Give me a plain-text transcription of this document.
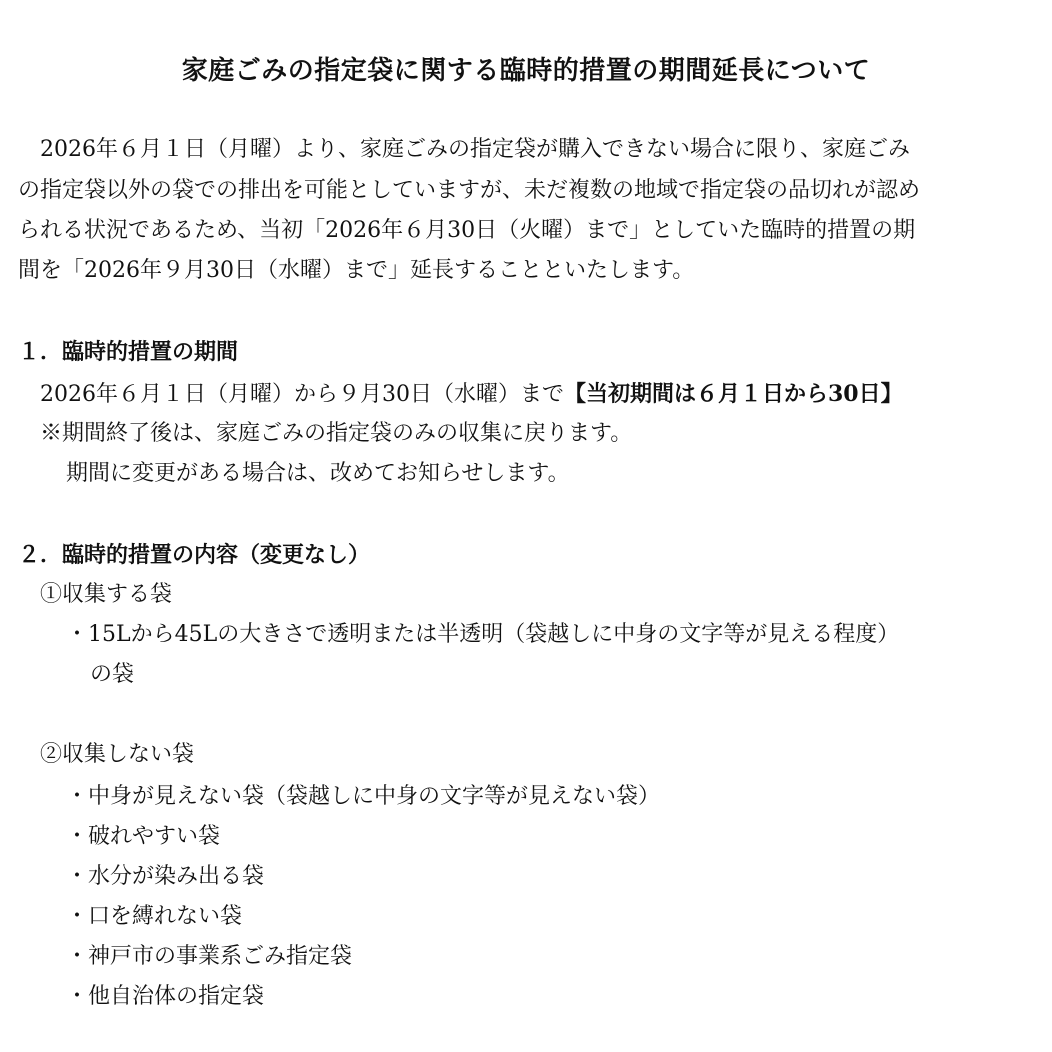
家庭ごみの指定袋に関する臨時的措置の期間延長について
　2026年６月１日（月曜）より、家庭ごみの指定袋が購入できない場合に限り、家庭ごみ
の指定袋以外の袋での排出を可能としていますが、未だ複数の地域で指定袋の品切れが認め
られる状況であるため、当初「2026年６月30日（火曜）まで」としていた臨時的措置の期
間を「2026年９月30日（水曜）まで」延長することといたします。
１．臨時的措置の期間
2026年６月１日（月曜）から９月30日（水曜）まで【当初期間は６月１日から30日】
※期間終了後は、家庭ごみの指定袋のみの収集に戻ります。
期間に変更がある場合は、改めてお知らせします。
２．臨時的措置の内容（変更なし）
①収集する袋
・15Lから45Lの大きさで透明または半透明（袋越しに中身の文字等が見える程度）
の袋
②収集しない袋
・中身が見えない袋（袋越しに中身の文字等が見えない袋）
・破れやすい袋
・水分が染み出る袋
・口を縛れない袋
・神戸市の事業系ごみ指定袋
・他自治体の指定袋
